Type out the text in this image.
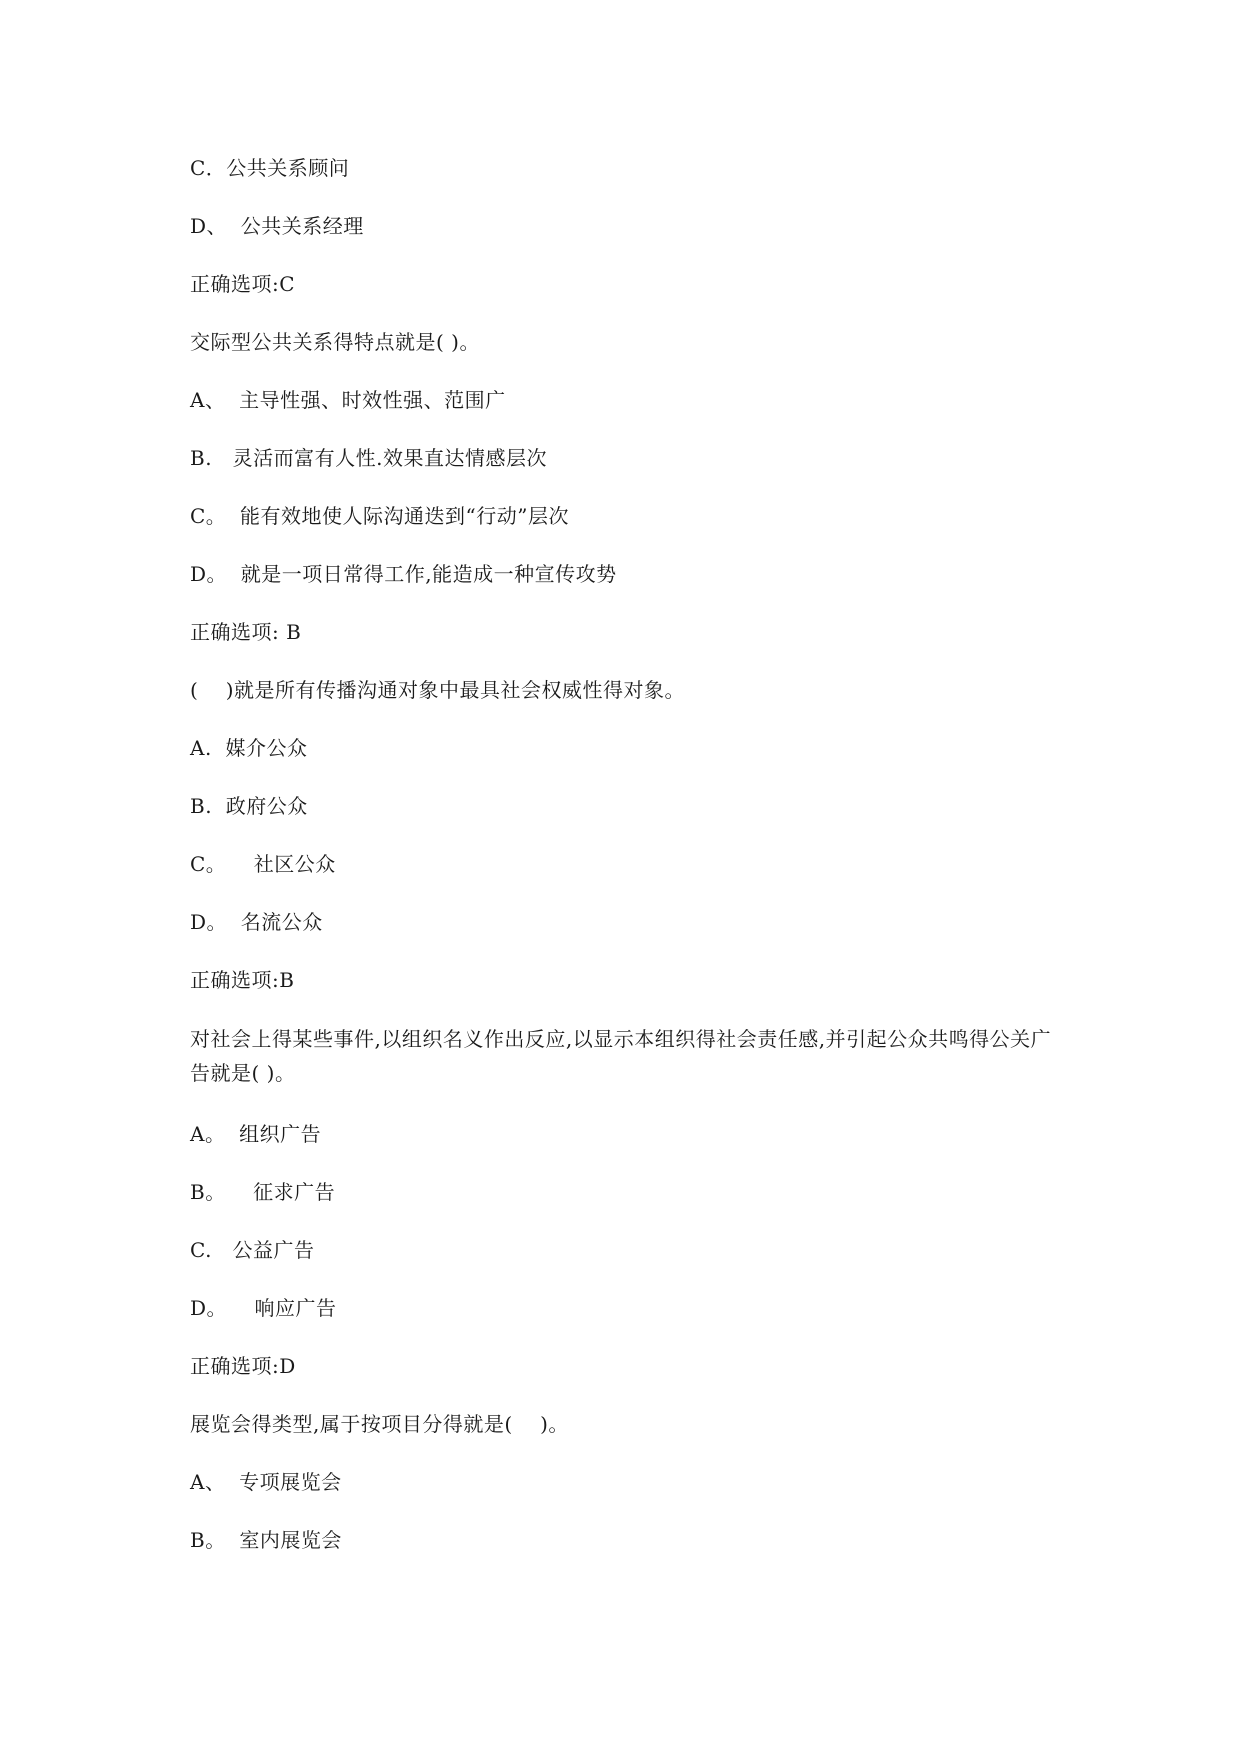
C．公共关系顾问
D、  公共关系经理
正确选项:C
交际型公共关系得特点就是( )。
A、  主导性强、时效性强、范围广
B.   灵活而富有人性.效果直达情感层次
C。  能有效地使人际沟通迭到“行动”层次
D。  就是一项日常得工作,能造成一种宣传攻势
正确选项: B
(    )就是所有传播沟通对象中最具社会权威性得对象。
A.  媒介公众
B.  政府公众
C。    社区公众
D。  名流公众
正确选项:B
对社会上得某些事件,以组织名义作出反应,以显示本组织得社会责任感,并引起公众共鸣得公关广告就是( )。
A。  组织广告
B。    征求广告
C.   公益广告
D。    响应广告
正确选项:D
展览会得类型,属于按项目分得就是(    )。
A、  专项展览会
B。  室内展览会
